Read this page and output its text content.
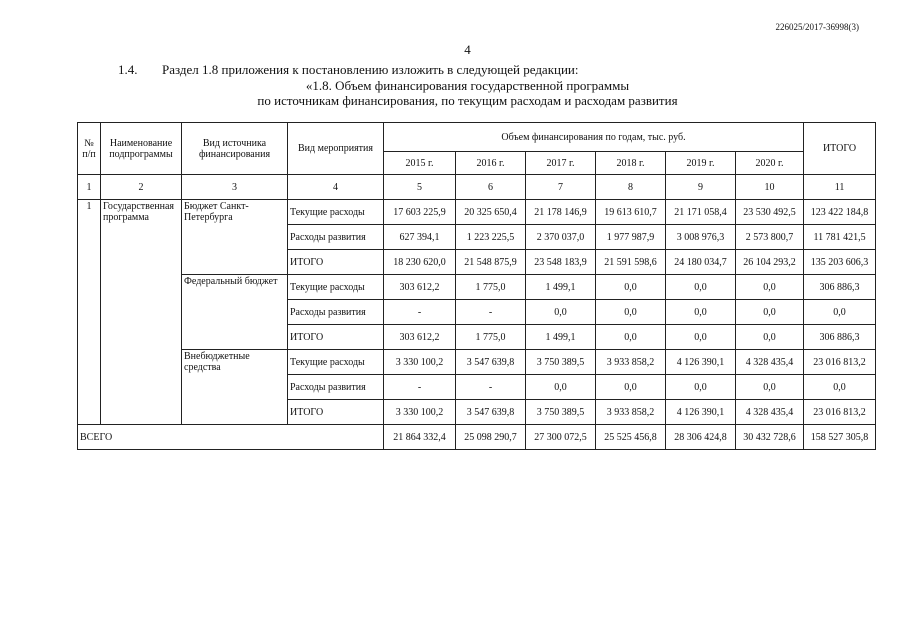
226025/2017-36998(3)
4
1.4. Раздел 1.8 приложения к постановлению изложить в следующей редакции:
«1.8. Объем финансирования государственной программы
по источникам финансирования, по текущим расходам и расходам развития
№ п/п	Наименование подпрограммы	Вид источника финансирования	Вид мероприятия	Объем финансирования по годам, тыс. руб.						ИТОГО
				2015 г.	2016 г.	2017 г.	2018 г.	2019 г.	2020 г.	
1	2	3	4	5	6	7	8	9	10	11
1	Государственная программа	Бюджет Санкт-Петербурга	Текущие расходы	17 603 225,9	20 325 650,4	21 178 146,9	19 613 610,7	21 171 058,4	23 530 492,5	123 422 184,8
			Расходы развития	627 394,1	1 223 225,5	2 370 037,0	1 977 987,9	3 008 976,3	2 573 800,7	11 781 421,5
			ИТОГО	18 230 620,0	21 548 875,9	23 548 183,9	21 591 598,6	24 180 034,7	26 104 293,2	135 203 606,3
		Федеральный бюджет	Текущие расходы	303 612,2	1 775,0	1 499,1	0,0	0,0	0,0	306 886,3
			Расходы развития	-	-	0,0	0,0	0,0	0,0	0,0
			ИТОГО	303 612,2	1 775,0	1 499,1	0,0	0,0	0,0	306 886,3
		Внебюджетные средства	Текущие расходы	3 330 100,2	3 547 639,8	3 750 389,5	3 933 858,2	4 126 390,1	4 328 435,4	23 016 813,2
			Расходы развития	-	-	0,0	0,0	0,0	0,0	0,0
			ИТОГО	3 330 100,2	3 547 639,8	3 750 389,5	3 933 858,2	4 126 390,1	4 328 435,4	23 016 813,2
ВСЕГО				21 864 332,4	25 098 290,7	27 300 072,5	25 525 456,8	28 306 424,8	30 432 728,6	158 527 305,8
